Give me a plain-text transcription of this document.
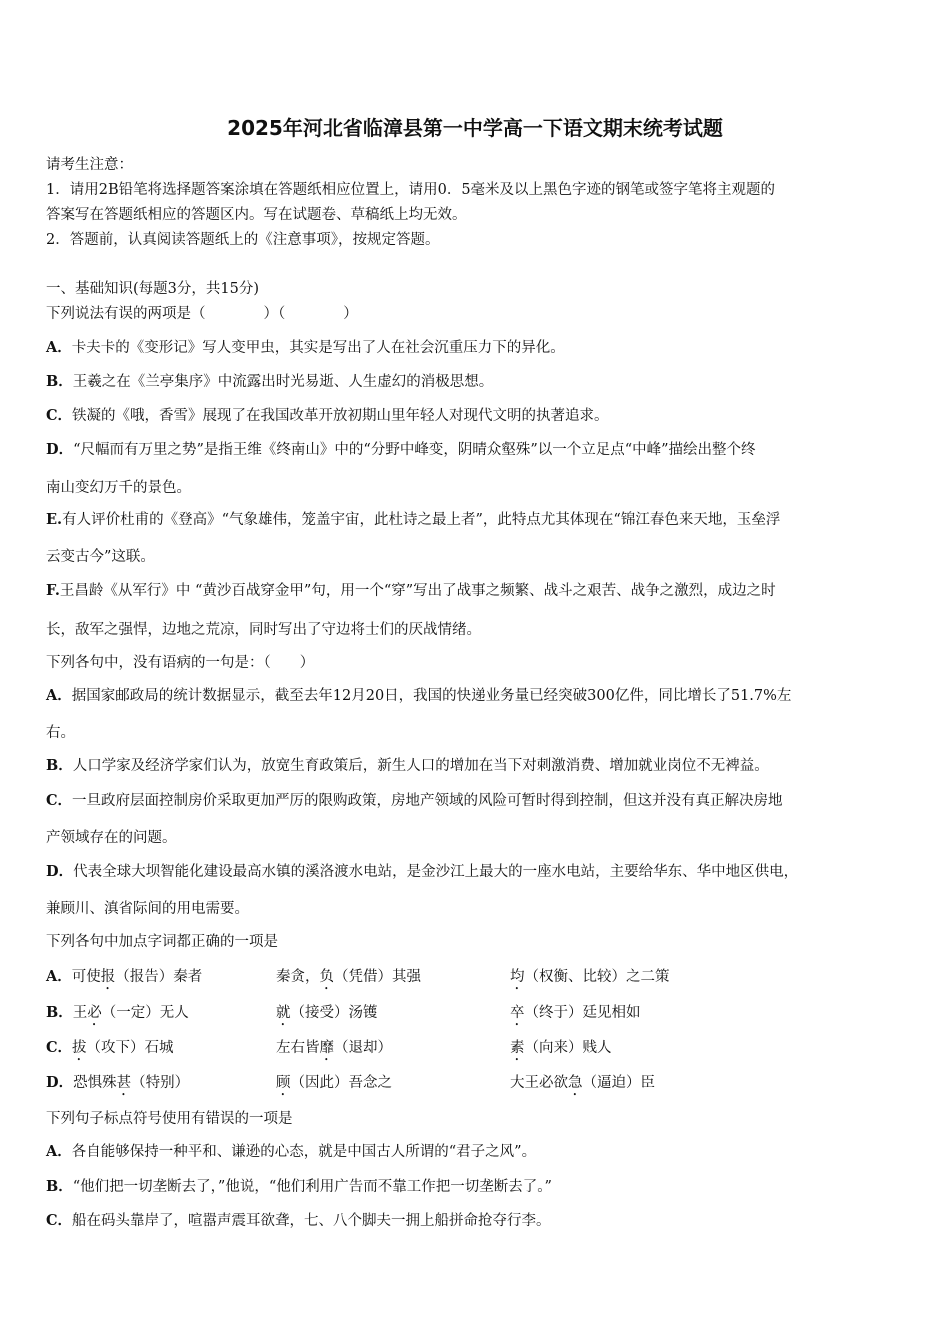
2025年河北省临漳县第一中学高一下语文期末统考试题
请考生注意：
1．请用2B铅笔将选择题答案涂填在答题纸相应位置上，请用0．5毫米及以上黑色字迹的钢笔或签字笔将主观题的
答案写在答题纸相应的答题区内。写在试题卷、草稿纸上均无效。
2．答题前，认真阅读答题纸上的《注意事项》，按规定答题。
一、基础知识(每题3分，共15分)
下列说法有误的两项是（　　　　）（　　　　）
A．卡夫卡的《变形记》写人变甲虫，其实是写出了人在社会沉重压力下的异化。
B．王羲之在《兰亭集序》中流露出时光易逝、人生虚幻的消极思想。
C．铁凝的《哦，香雪》展现了在我国改革开放初期山里年轻人对现代文明的执著追求。
D．“尺幅而有万里之势”是指王维《终南山》中的“分野中峰变，阴晴众壑殊”以一个立足点“中峰”描绘出整个终
南山变幻万千的景色。
E.有人评价杜甫的《登高》“气象雄伟，笼盖宇宙，此杜诗之最上者”，此特点尤其体现在“锦江春色来天地，玉垒浮
云变古今”这联。
F.王昌龄《从军行》中 “黄沙百战穿金甲”句，用一个“穿”写出了战事之频繁、战斗之艰苦、战争之激烈，成边之时
长，敌军之强悍，边地之荒凉，同时写出了守边将士们的厌战情绪。
下列各句中，没有语病的一句是：（　　）
A．据国家邮政局的统计数据显示，截至去年12月20日，我国的快递业务量已经突破300亿件，同比增长了51.7%左
右。
B．人口学家及经济学家们认为，放宽生育政策后，新生人口的增加在当下对刺激消费、增加就业岗位不无裨益。
C．一旦政府层面控制房价采取更加严厉的限购政策，房地产领域的风险可暂时得到控制，但这并没有真正解决房地
产领域存在的问题。
D．代表全球大坝智能化建设最高水镇的溪洛渡水电站，是金沙江上最大的一座水电站，主要给华东、华中地区供电，
兼顾川、滇省际间的用电需要。
下列各句中加点字词都正确的一项是
A．可使报（报告）秦者	秦贪，负（凭借）其强	均（权衡、比较）之二策
B．王必（一定）无人	就（接受）汤镬	卒（终于）廷见相如
C．拔（攻下）石城	左右皆靡（退却）	素（向来）贱人
D．恐惧殊甚（特别）	顾（因此）吾念之	大王必欲急（逼迫）臣
下列句子标点符号使用有错误的一项是
A．各自能够保持一种平和、谦逊的心态，就是中国古人所谓的“君子之风”。
B．“他们把一切垄断去了，”他说，“他们利用广告而不靠工作把一切垄断去了。”
C．船在码头靠岸了，喧嚣声震耳欲聋，七、八个脚夫一拥上船拼命抢夺行李。
